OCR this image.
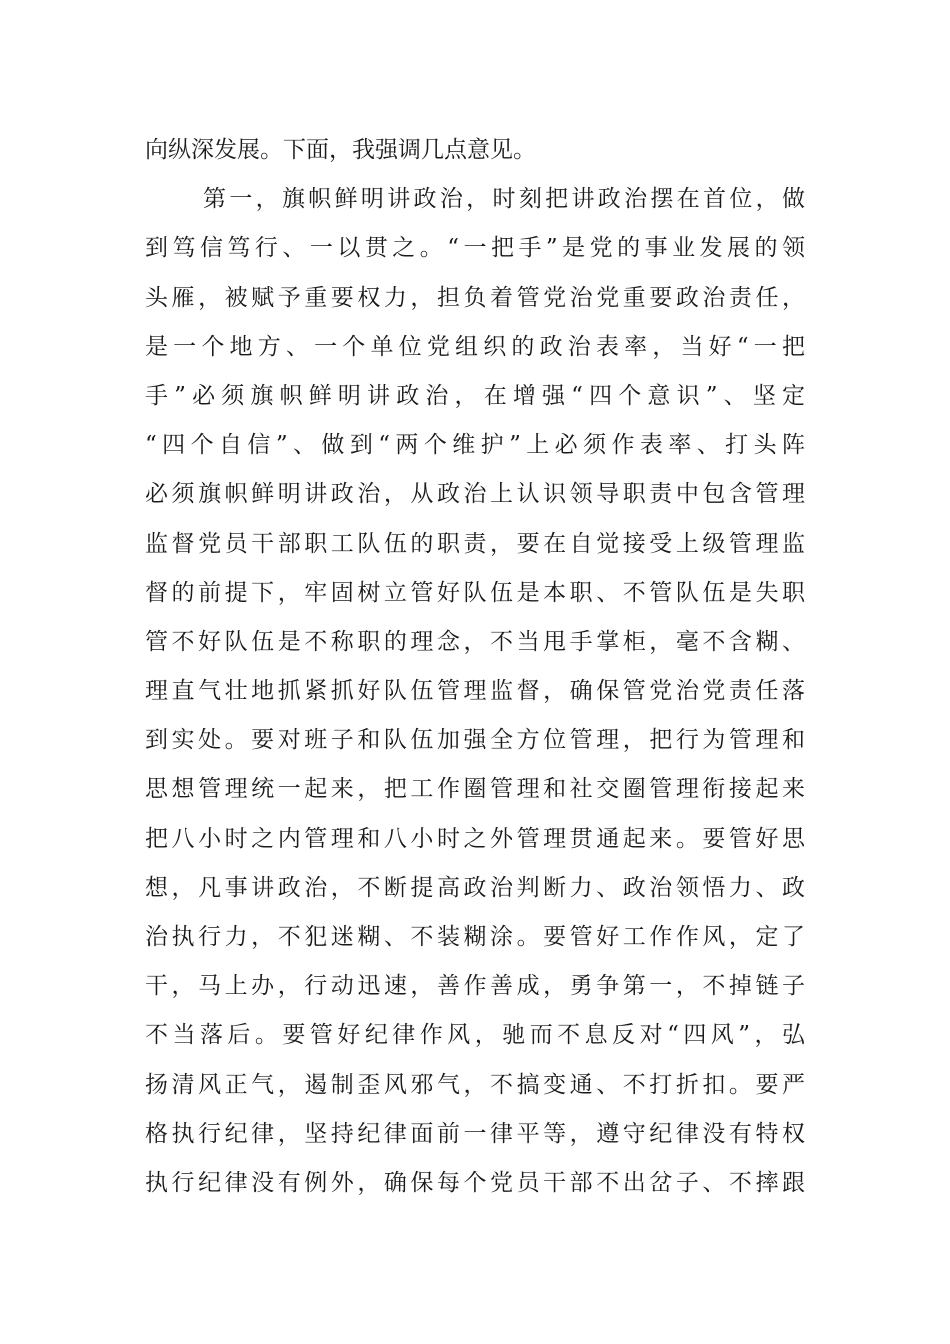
向纵深发展。下面，我强调几点意见。
第一，旗帜鲜明讲政治，时刻把讲政治摆在首位，做
到笃信笃行、一以贯之。“一把手”是党的事业发展的领
头雁，被赋予重要权力，担负着管党治党重要政治责任，
是一个地方、一个单位党组织的政治表率，当好“一把
手”必须旗帜鲜明讲政治，在增强“四个意识”、坚定
“四个自信”、做到“两个维护”上必须作表率、打头阵
必须旗帜鲜明讲政治，从政治上认识领导职责中包含管理
监督党员干部职工队伍的职责，要在自觉接受上级管理监
督的前提下，牢固树立管好队伍是本职、不管队伍是失职
管不好队伍是不称职的理念，不当甩手掌柜，毫不含糊、
理直气壮地抓紧抓好队伍管理监督，确保管党治党责任落
到实处。要对班子和队伍加强全方位管理，把行为管理和
思想管理统一起来，把工作圈管理和社交圈管理衔接起来
把八小时之内管理和八小时之外管理贯通起来。要管好思
想，凡事讲政治，不断提高政治判断力、政治领悟力、政
治执行力，不犯迷糊、不装糊涂。要管好工作作风，定了
干，马上办，行动迅速，善作善成，勇争第一，不掉链子
不当落后。要管好纪律作风，驰而不息反对“四风”，弘
扬清风正气，遏制歪风邪气，不搞变通、不打折扣。要严
格执行纪律，坚持纪律面前一律平等，遵守纪律没有特权
执行纪律没有例外，确保每个党员干部不出岔子、不摔跟
